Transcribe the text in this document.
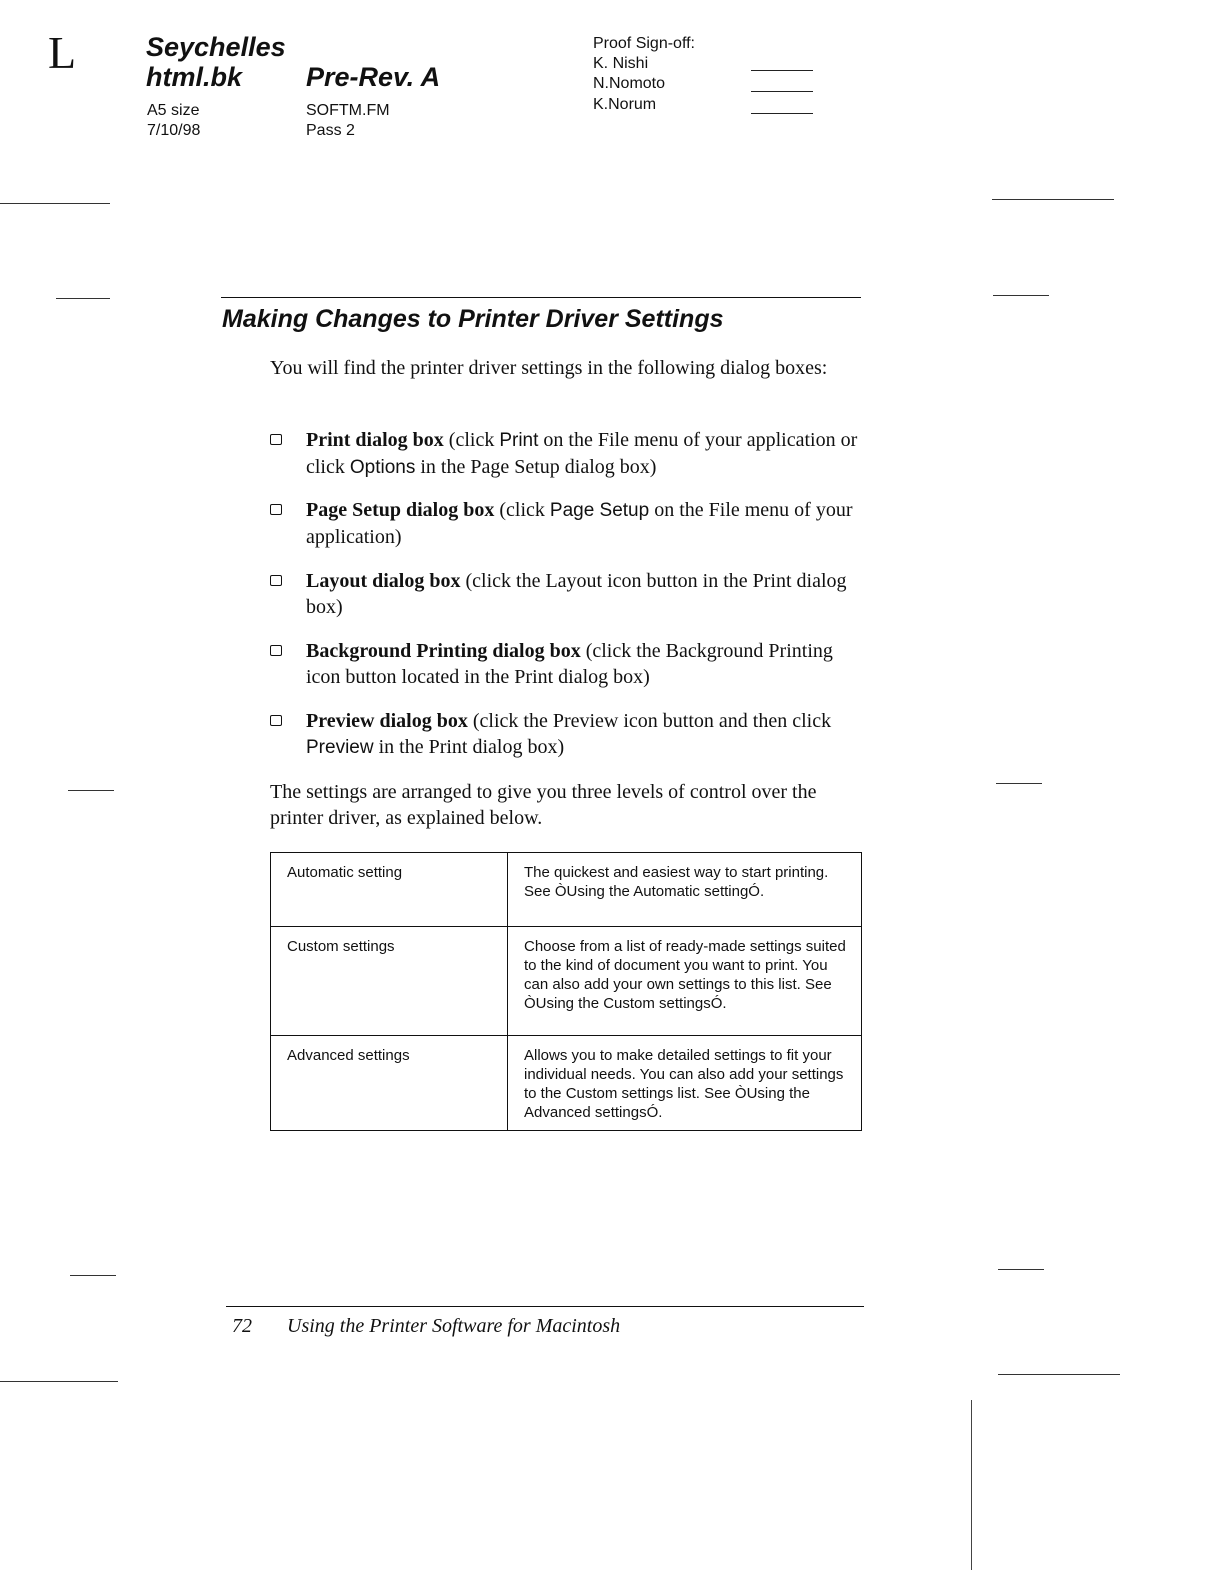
L	Seychelles
html.bk	Pre-Rev. A
A5 size
7/10/98
SOFTM.FM
Pass 2
Proof Sign-off:
K. Nishi
N.Nomoto
K.Norum
Making Changes to Printer Driver Settings
You will find the printer driver settings in the following dialog boxes:
Print dialog box (click Print on the File menu of your application or click Options in the Page Setup dialog box)
Page Setup dialog box (click Page Setup on the File menu of your application)
Layout dialog box (click the Layout icon button in the Print dialog box)
Background Printing dialog box (click the Background Printing icon button located in the Print dialog box)
Preview dialog box (click the Preview icon button and then click Preview in the Print dialog box)
The settings are arranged to give you three levels of control over the printer driver, as explained below.
Automatic setting	The quickest and easiest way to start printing. See ÒUsing the Automatic settingÓ.
Custom settings	Choose from a list of ready-made settings suited to the kind of document you want to print. You can also add your own settings to this list. See ÒUsing the Custom settingsÓ.
Advanced settings	Allows you to make detailed settings to fit your individual needs. You can also add your settings to the Custom settings list. See ÒUsing the Advanced settingsÓ.
72 Using the Printer Software for Macintosh
